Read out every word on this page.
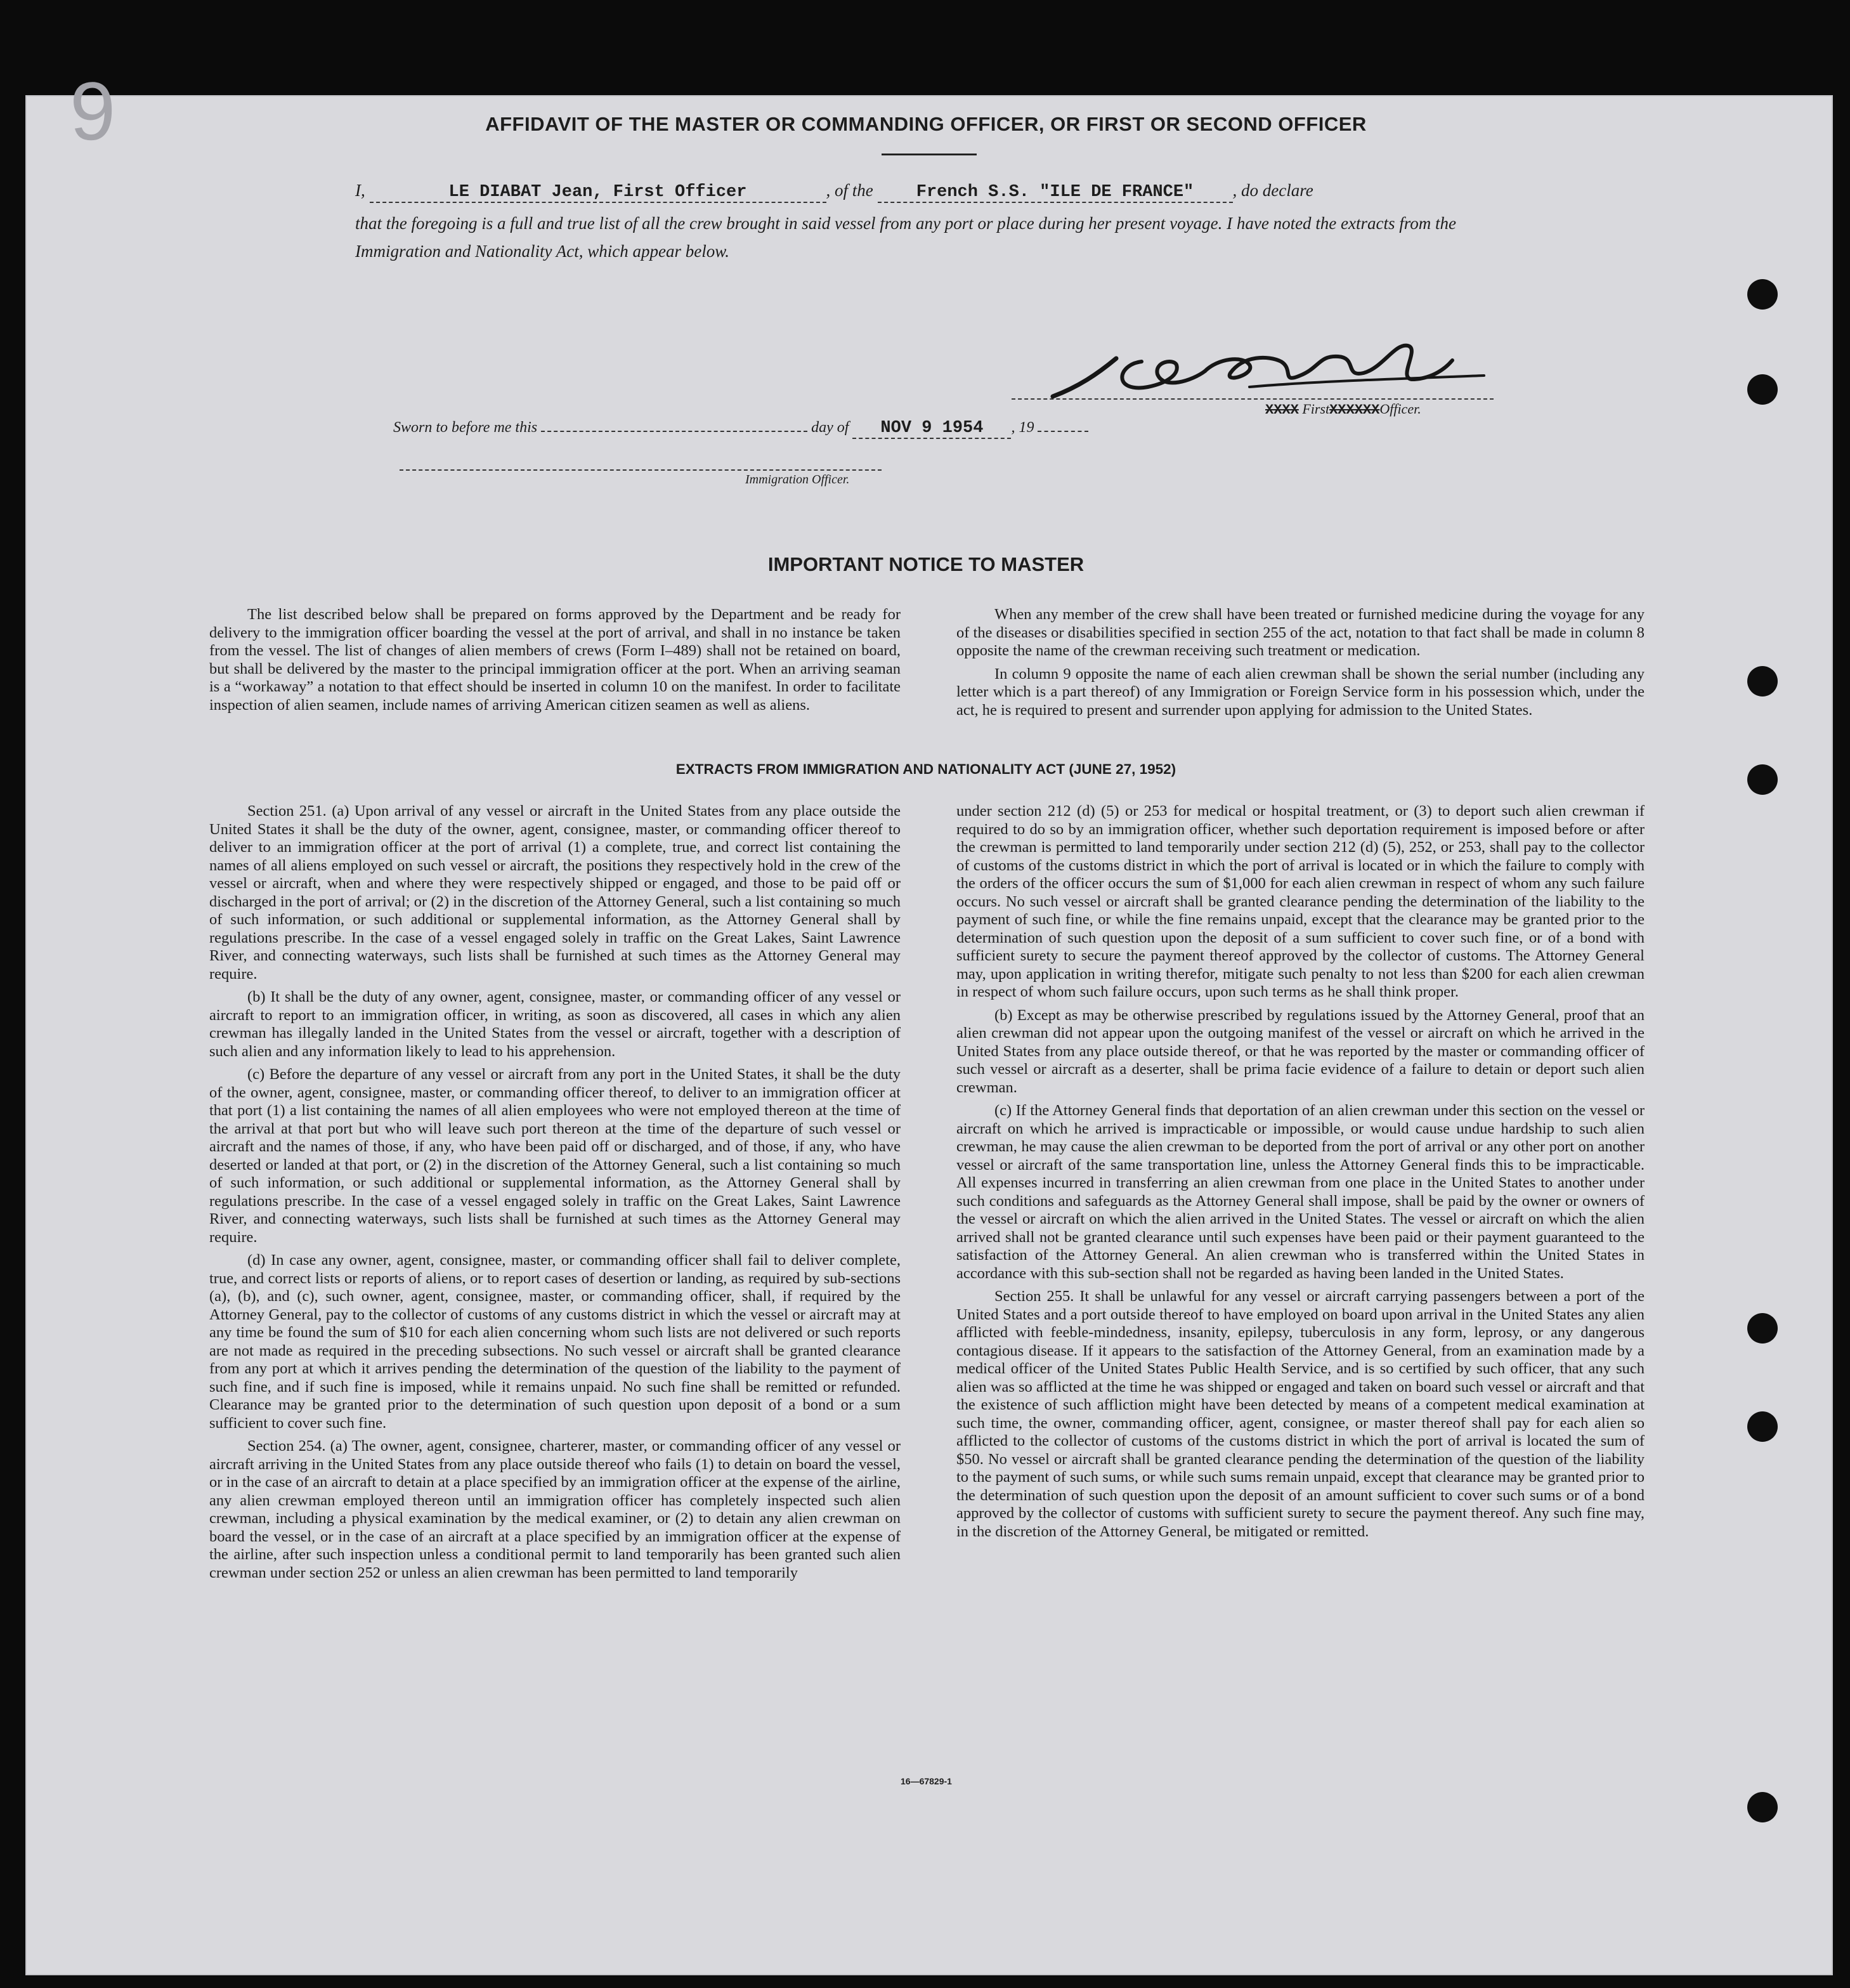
9	AFFIDAVIT OF THE MASTER OR COMMANDING OFFICER, OR FIRST OR SECOND OFFICER
I,	LE DIABAT Jean, First Officer	, of the	French S.S. "ILE DE FRANCE" , do declare
that the foregoing is a full and true list of all the crew brought in said vessel from any port or place during her present voyage. I have noted the extracts from the Immigration and Nationality Act, which appear below.
XXXX FirstXXXXXXOfficer.
Sworn to before me this	day of NOV 9 1954 , 19
Immigration Officer.
IMPORTANT NOTICE TO MASTER

The list described below shall be prepared on forms approved by the Department and be ready for delivery to the immigration officer boarding the vessel at the port of arrival, and shall in no instance be taken from the vessel. The list of changes of alien members of crews (Form I–489) shall not be retained on board, but shall be delivered by the master to the principal immigration officer at the port. When an arriving seaman is a “workaway” a notation to that effect should be inserted in column 10 on the manifest. In order to facilitate inspection of alien seamen, include names of arriving American citizen seamen as well as aliens.

When any member of the crew shall have been treated or furnished medicine during the voyage for any of the diseases or disabilities specified in section 255 of the act, notation to that fact shall be made in column 8 opposite the name of the crewman receiving such treatment or medication.

In column 9 opposite the name of each alien crewman shall be shown the serial number (including any letter which is a part thereof) of any Immigration or Foreign Service form in his possession which, under the act, he is required to present and surrender upon applying for admission to the United States.

EXTRACTS FROM IMMIGRATION AND NATIONALITY ACT (JUNE 27, 1952)

Section 251. (a) Upon arrival of any vessel or aircraft in the United States from any place outside the United States it shall be the duty of the owner, agent, consignee, master, or commanding officer thereof to deliver to an immigration officer at the port of arrival (1) a complete, true, and correct list containing the names of all aliens employed on such vessel or aircraft, the positions they respectively hold in the crew of the vessel or aircraft, when and where they were respectively shipped or engaged, and those to be paid off or discharged in the port of arrival; or (2) in the discretion of the Attorney General, such a list containing so much of such information, or such additional or supplemental information, as the Attorney General shall by regulations prescribe. In the case of a vessel engaged solely in traffic on the Great Lakes, Saint Lawrence River, and connecting waterways, such lists shall be furnished at such times as the Attorney General may require.

(b) It shall be the duty of any owner, agent, consignee, master, or commanding officer of any vessel or aircraft to report to an immigration officer, in writing, as soon as discovered, all cases in which any alien crewman has illegally landed in the United States from the vessel or aircraft, together with a description of such alien and any information likely to lead to his apprehension.

(c) Before the departure of any vessel or aircraft from any port in the United States, it shall be the duty of the owner, agent, consignee, master, or commanding officer thereof, to deliver to an immigration officer at that port (1) a list containing the names of all alien employees who were not employed thereon at the time of the arrival at that port but who will leave such port thereon at the time of the departure of such vessel or aircraft and the names of those, if any, who have been paid off or discharged, and of those, if any, who have deserted or landed at that port, or (2) in the discretion of the Attorney General, such a list containing so much of such information, or such additional or supplemental information, as the Attorney General shall by regulations prescribe. In the case of a vessel engaged solely in traffic on the Great Lakes, Saint Lawrence River, and connecting waterways, such lists shall be furnished at such times as the Attorney General may require.

(d) In case any owner, agent, consignee, master, or commanding officer shall fail to deliver complete, true, and correct lists or reports of aliens, or to report cases of desertion or landing, as required by sub-sections (a), (b), and (c), such owner, agent, consignee, master, or commanding officer, shall, if required by the Attorney General, pay to the collector of customs of any customs district in which the vessel or aircraft may at any time be found the sum of $10 for each alien concerning whom such lists are not delivered or such reports are not made as required in the preceding subsections. No such vessel or aircraft shall be granted clearance from any port at which it arrives pending the determination of the question of the liability to the payment of such fine, and if such fine is imposed, while it remains unpaid. No such fine shall be remitted or refunded. Clearance may be granted prior to the determination of such question upon deposit of a bond or a sum sufficient to cover such fine.

Section 254. (a) The owner, agent, consignee, charterer, master, or commanding officer of any vessel or aircraft arriving in the United States from any place outside thereof who fails (1) to detain on board the vessel, or in the case of an aircraft to detain at a place specified by an immigration officer at the expense of the airline, any alien crewman employed thereon until an immigration officer has completely inspected such alien crewman, including a physical examination by the medical examiner, or (2) to detain any alien crewman on board the vessel, or in the case of an aircraft at a place specified by an immigration officer at the expense of the airline, after such inspection unless a conditional permit to land temporarily has been granted such alien crewman under section 252 or unless an alien crewman has been permitted to land temporarily

under section 212 (d) (5) or 253 for medical or hospital treatment, or (3) to deport such alien crewman if required to do so by an immigration officer, whether such deportation requirement is imposed before or after the crewman is permitted to land temporarily under section 212 (d) (5), 252, or 253, shall pay to the collector of customs of the customs district in which the port of arrival is located or in which the failure to comply with the orders of the officer occurs the sum of $1,000 for each alien crewman in respect of whom any such failure occurs. No such vessel or aircraft shall be granted clearance pending the determination of the liability to the payment of such fine, or while the fine remains unpaid, except that the clearance may be granted prior to the determination of such question upon the deposit of a sum sufficient to cover such fine, or of a bond with sufficient surety to secure the payment thereof approved by the collector of customs. The Attorney General may, upon application in writing therefor, mitigate such penalty to not less than $200 for each alien crewman in respect of whom such failure occurs, upon such terms as he shall think proper.

(b) Except as may be otherwise prescribed by regulations issued by the Attorney General, proof that an alien crewman did not appear upon the outgoing manifest of the vessel or aircraft on which he arrived in the United States from any place outside thereof, or that he was reported by the master or commanding officer of such vessel or aircraft as a deserter, shall be prima facie evidence of a failure to detain or deport such alien crewman.

(c) If the Attorney General finds that deportation of an alien crewman under this section on the vessel or aircraft on which he arrived is impracticable or impossible, or would cause undue hardship to such alien crewman, he may cause the alien crewman to be deported from the port of arrival or any other port on another vessel or aircraft of the same transportation line, unless the Attorney General finds this to be impracticable. All expenses incurred in transferring an alien crewman from one place in the United States to another under such conditions and safeguards as the Attorney General shall impose, shall be paid by the owner or owners of the vessel or aircraft on which the alien arrived in the United States. The vessel or aircraft on which the alien arrived shall not be granted clearance until such expenses have been paid or their payment guaranteed to the satisfaction of the Attorney General. An alien crewman who is transferred within the United States in accordance with this sub-section shall not be regarded as having been landed in the United States.

Section 255. It shall be unlawful for any vessel or aircraft carrying passengers between a port of the United States and a port outside thereof to have employed on board upon arrival in the United States any alien afflicted with feeble-mindedness, insanity, epilepsy, tuberculosis in any form, leprosy, or any dangerous contagious disease. If it appears to the satisfaction of the Attorney General, from an examination made by a medical officer of the United States Public Health Service, and is so certified by such officer, that any such alien was so afflicted at the time he was shipped or engaged and taken on board such vessel or aircraft and that the existence of such affliction might have been detected by means of a competent medical examination at such time, the owner, commanding officer, agent, consignee, or master thereof shall pay for each alien so afflicted to the collector of customs of the customs district in which the port of arrival is located the sum of $50. No vessel or aircraft shall be granted clearance pending the determination of the question of the liability to the payment of such sums, or while such sums remain unpaid, except that clearance may be granted prior to the determination of such question upon the deposit of an amount sufficient to cover such sums or of a bond approved by the collector of customs with sufficient surety to secure the payment thereof. Any such fine may, in the discretion of the Attorney General, be mitigated or remitted.

16—67829-1
